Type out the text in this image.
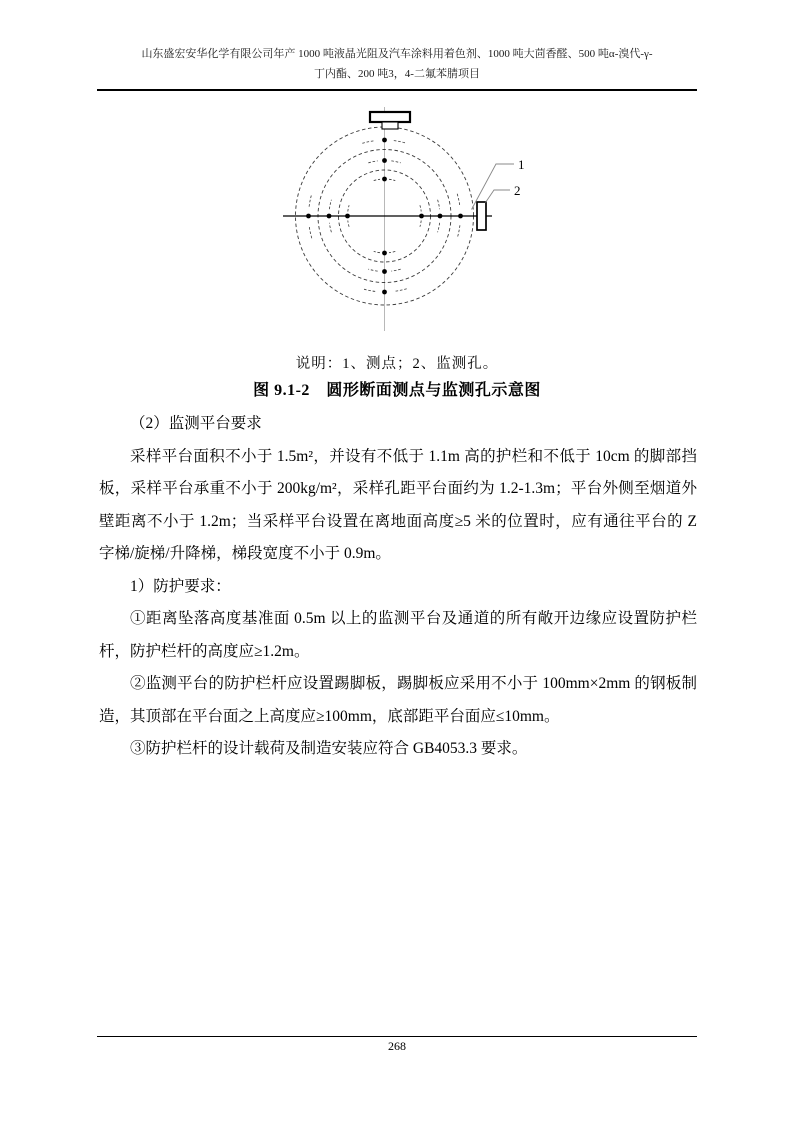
山东盛宏安华化学有限公司年产 1000 吨液晶光阻及汽车涂料用着色剂、1000 吨大茴香醛、500 吨α-溴代-γ-
丁内酯、200 吨3，4-二氟苯腈项目
1
2
说明：1、测点；2、监测孔。
图 9.1-2　圆形断面测点与监测孔示意图

（2）监测平台要求

采样平台面积不小于 1.5m²，并设有不低于 1.1m 高的护栏和不低于 10cm 的脚部挡板，采样平台承重不小于 200kg/m²，采样孔距平台面约为 1.2-1.3m；平台外侧至烟道外壁距离不小于 1.2m；当采样平台设置在离地面高度≥5 米的位置时，应有通往平台的 Z 字梯/旋梯/升降梯，梯段宽度不小于 0.9m。

1）防护要求：

①距离坠落高度基准面 0.5m 以上的监测平台及通道的所有敞开边缘应设置防护栏杆，防护栏杆的高度应≥1.2m。

②监测平台的防护栏杆应设置踢脚板，踢脚板应采用不小于 100mm×2mm 的钢板制造，其顶部在平台面之上高度应≥100mm，底部距平台面应≤10mm。

③防护栏杆的设计载荷及制造安装应符合 GB4053.3 要求。

268
